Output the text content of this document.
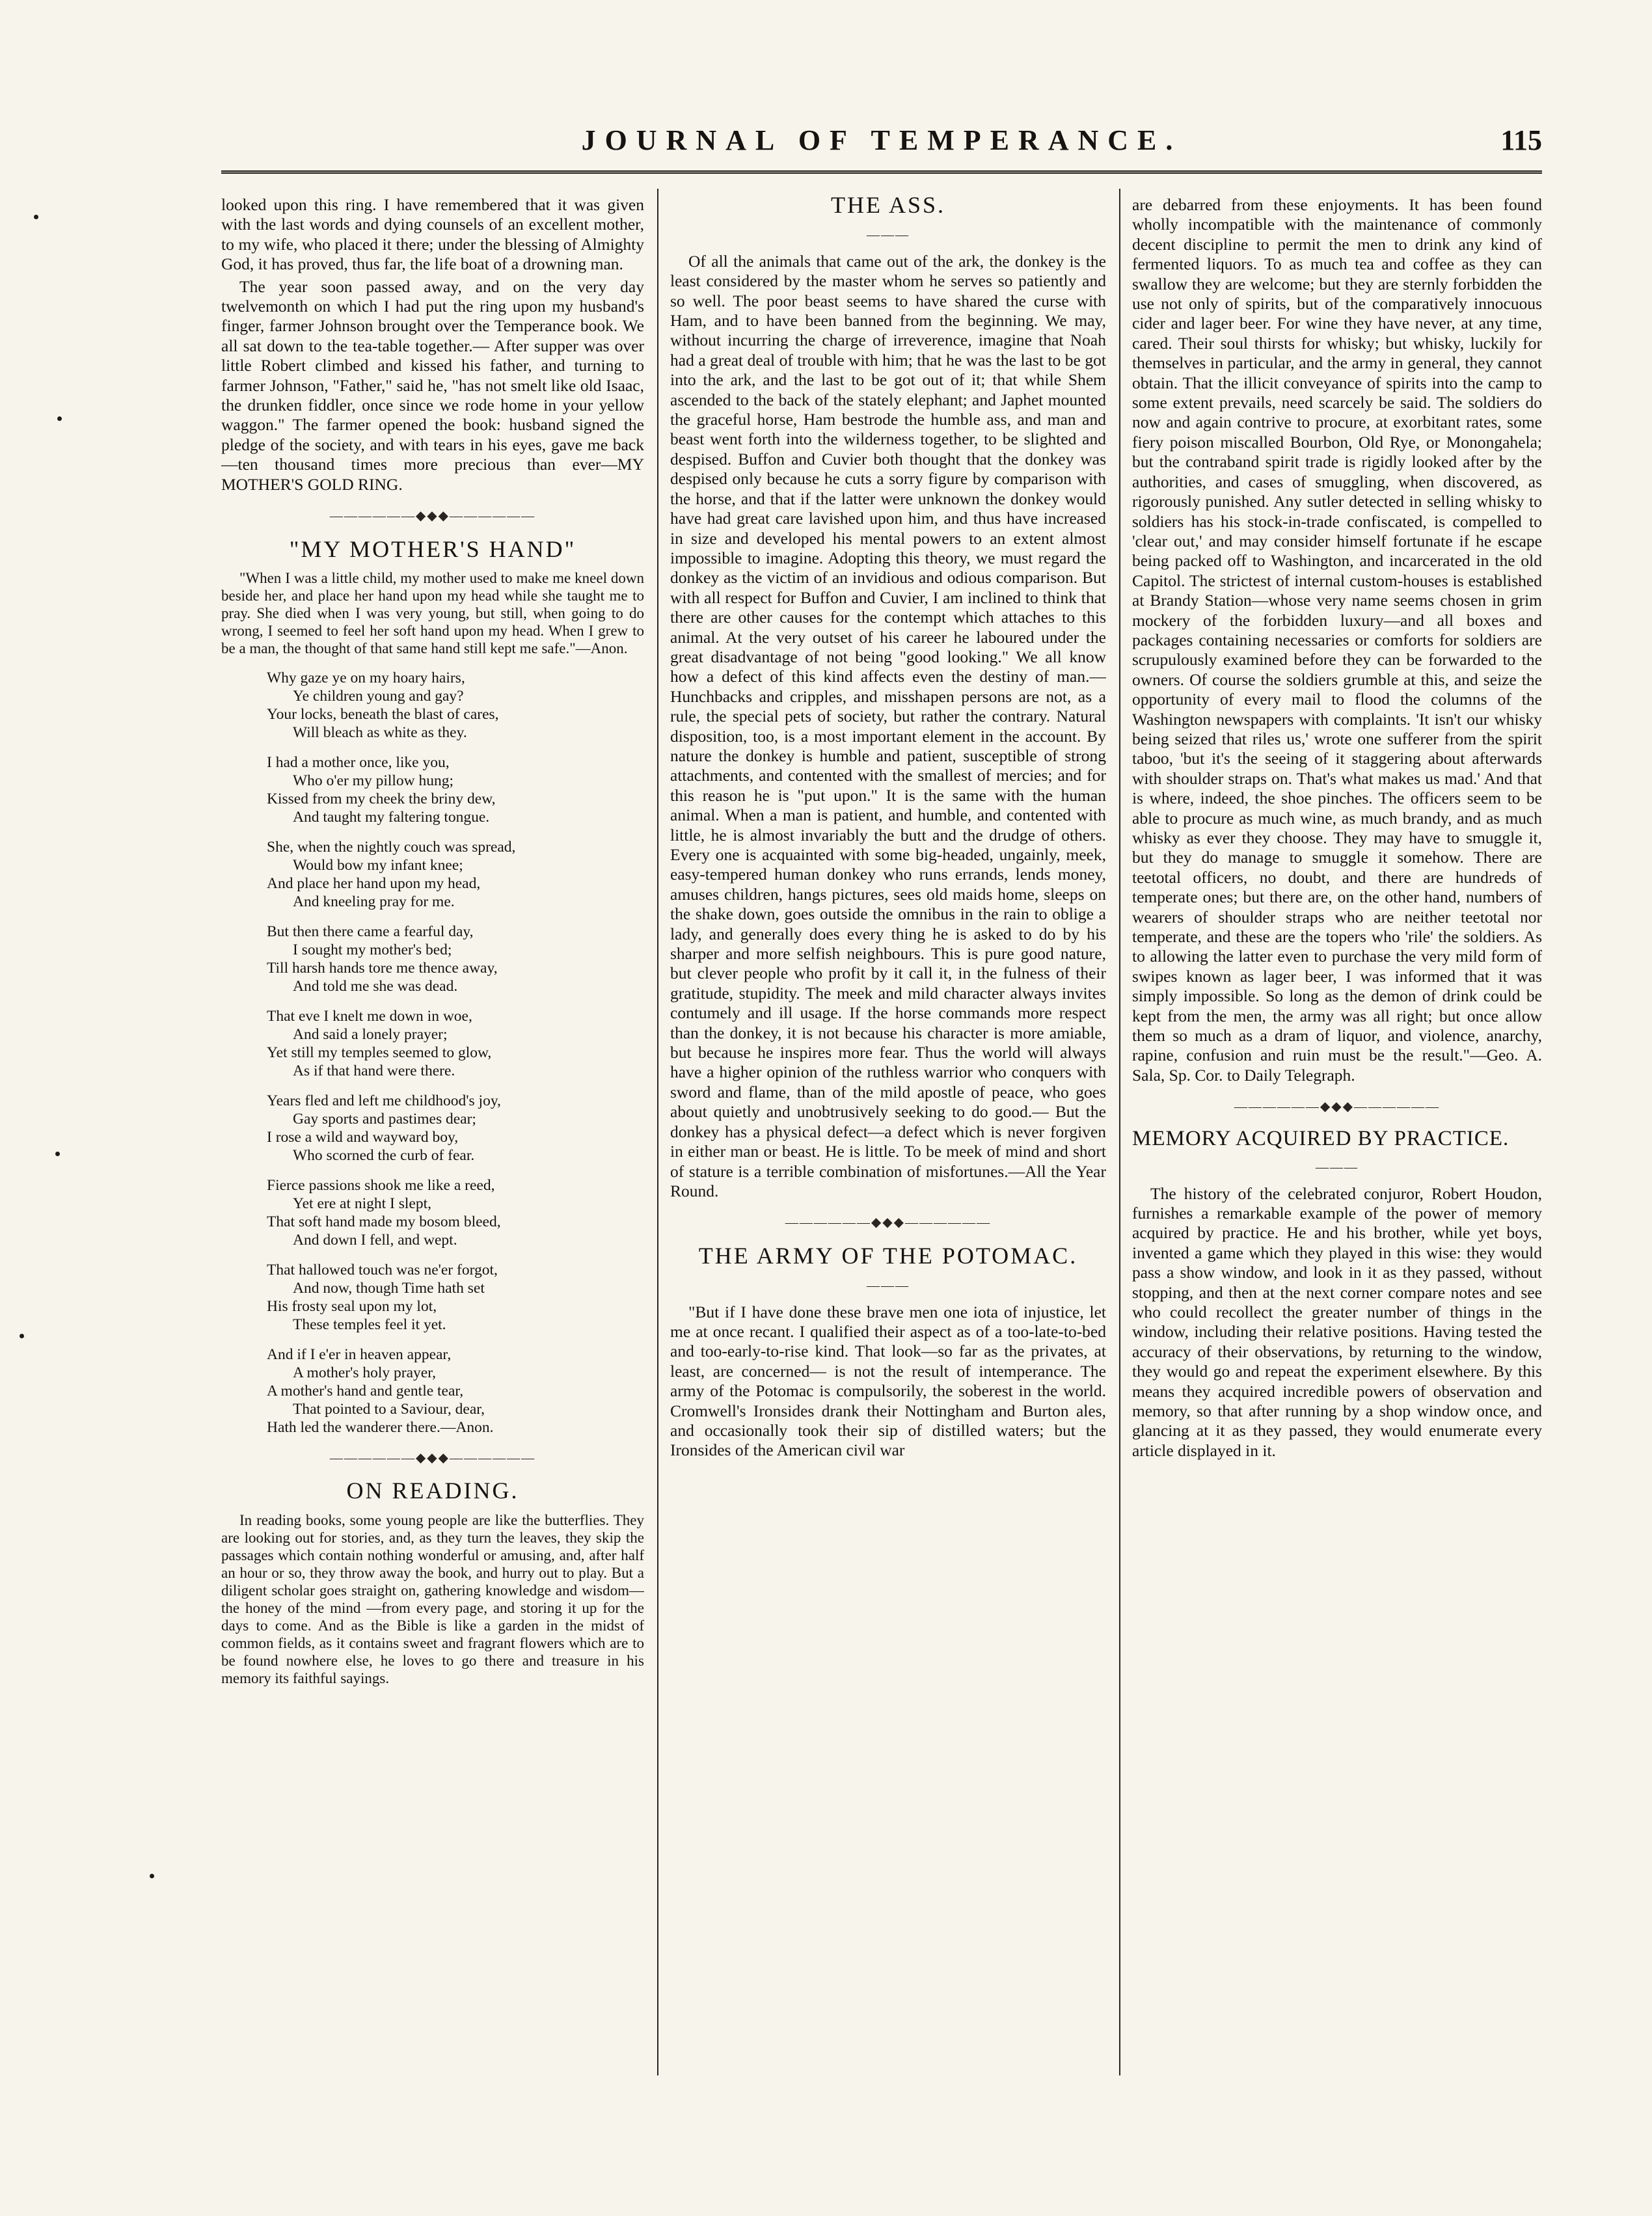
JOURNAL OF TEMPERANCE.	115

looked upon this ring. I have remembered that it was given with the last words and dying counsels of an excellent mother, to my wife, who placed it there; under the blessing of Almighty God, it has proved, thus far, the life boat of a drowning man.

The year soon passed away, and on the very day twelvemonth on which I had put the ring upon my husband's finger, farmer Johnson brought over the Temperance book. We all sat down to the tea-table together.— After supper was over little Robert climbed and kissed his father, and turning to farmer Johnson, "Father," said he, "has not smelt like old Isaac, the drunken fiddler, once since we rode home in your yellow waggon." The farmer opened the book: husband signed the pledge of the society, and with tears in his eyes, gave me back—ten thousand times more precious than ever—MY MOTHER'S GOLD RING.

——————◆◆◆——————
"MY MOTHER'S HAND"

"When I was a little child, my mother used to make me kneel down beside her, and place her hand upon my head while she taught me to pray. She died when I was very young, but still, when going to do wrong, I seemed to feel her soft hand upon my head. When I grew to be a man, the thought of that same hand still kept me safe."—Anon.

Why gaze ye on my hoary hairs,
Ye children young and gay?
Your locks, beneath the blast of cares,
Will bleach as white as they.
I had a mother once, like you,
Who o'er my pillow hung;
Kissed from my cheek the briny dew,
And taught my faltering tongue.
She, when the nightly couch was spread,
Would bow my infant knee;
And place her hand upon my head,
And kneeling pray for me.
But then there came a fearful day,
I sought my mother's bed;
Till harsh hands tore me thence away,
And told me she was dead.
That eve I knelt me down in woe,
And said a lonely prayer;
Yet still my temples seemed to glow,
As if that hand were there.
Years fled and left me childhood's joy,
Gay sports and pastimes dear;
I rose a wild and wayward boy,
Who scorned the curb of fear.
Fierce passions shook me like a reed,
Yet ere at night I slept,
That soft hand made my bosom bleed,
And down I fell, and wept.
That hallowed touch was ne'er forgot,
And now, though Time hath set
His frosty seal upon my lot,
These temples feel it yet.
And if I e'er in heaven appear,
A mother's holy prayer,
A mother's hand and gentle tear,
That pointed to a Saviour, dear,
Hath led the wanderer there.—Anon.
——————◆◆◆——————
ON READING.

In reading books, some young people are like the butterflies. They are looking out for stories, and, as they turn the leaves, they skip the passages which contain nothing wonderful or amusing, and, after half an hour or so, they throw away the book, and hurry out to play. But a diligent scholar goes straight on, gathering knowledge and wisdom—the honey of the mind —from every page, and storing it up for the days to come. And as the Bible is like a garden in the midst of common fields, as it contains sweet and fragrant flowers which are to be found nowhere else, he loves to go there and treasure in his memory its faithful sayings.

THE ASS.
———

Of all the animals that came out of the ark, the donkey is the least considered by the master whom he serves so patiently and so well. The poor beast seems to have shared the curse with Ham, and to have been banned from the beginning. We may, without incurring the charge of irreverence, imagine that Noah had a great deal of trouble with him; that he was the last to be got into the ark, and the last to be got out of it; that while Shem ascended to the back of the stately elephant; and Japhet mounted the graceful horse, Ham bestrode the humble ass, and man and beast went forth into the wilderness together, to be slighted and despised. Buffon and Cuvier both thought that the donkey was despised only because he cuts a sorry figure by comparison with the horse, and that if the latter were unknown the donkey would have had great care lavished upon him, and thus have increased in size and developed his mental powers to an extent almost impossible to imagine. Adopting this theory, we must regard the donkey as the victim of an invidious and odious comparison. But with all respect for Buffon and Cuvier, I am inclined to think that there are other causes for the contempt which attaches to this animal. At the very outset of his career he laboured under the great disadvantage of not being "good looking." We all know how a defect of this kind affects even the destiny of man.— Hunchbacks and cripples, and misshapen persons are not, as a rule, the special pets of society, but rather the contrary. Natural disposition, too, is a most important element in the account. By nature the donkey is humble and patient, susceptible of strong attachments, and contented with the smallest of mercies; and for this reason he is "put upon." It is the same with the human animal. When a man is patient, and humble, and contented with little, he is almost invariably the butt and the drudge of others. Every one is acquainted with some big-headed, ungainly, meek, easy-tempered human donkey who runs errands, lends money, amuses children, hangs pictures, sees old maids home, sleeps on the shake down, goes outside the omnibus in the rain to oblige a lady, and generally does every thing he is asked to do by his sharper and more selfish neighbours. This is pure good nature, but clever people who profit by it call it, in the fulness of their gratitude, stupidity. The meek and mild character always invites contumely and ill usage. If the horse commands more respect than the donkey, it is not because his character is more amiable, but because he inspires more fear. Thus the world will always have a higher opinion of the ruthless warrior who conquers with sword and flame, than of the mild apostle of peace, who goes about quietly and unobtrusively seeking to do good.— But the donkey has a physical defect—a defect which is never forgiven in either man or beast. He is little. To be meek of mind and short of stature is a terrible combination of misfortunes.—All the Year Round.

——————◆◆◆——————
THE ARMY OF THE POTOMAC.
———

"But if I have done these brave men one iota of injustice, let me at once recant. I qualified their aspect as of a too-late-to-bed and too-early-to-rise kind. That look—so far as the privates, at least, are concerned— is not the result of intemperance. The army of the Potomac is compulsorily, the soberest in the world. Cromwell's Ironsides drank their Nottingham and Burton ales, and occasionally took their sip of distilled waters; but the Ironsides of the American civil war

are debarred from these enjoyments. It has been found wholly incompatible with the maintenance of commonly decent discipline to permit the men to drink any kind of fermented liquors. To as much tea and coffee as they can swallow they are welcome; but they are sternly forbidden the use not only of spirits, but of the comparatively innocuous cider and lager beer. For wine they have never, at any time, cared. Their soul thirsts for whisky; but whisky, luckily for themselves in particular, and the army in general, they cannot obtain. That the illicit conveyance of spirits into the camp to some extent prevails, need scarcely be said. The soldiers do now and again contrive to procure, at exorbitant rates, some fiery poison miscalled Bourbon, Old Rye, or Monongahela; but the contraband spirit trade is rigidly looked after by the authorities, and cases of smuggling, when discovered, as rigorously punished. Any sutler detected in selling whisky to soldiers has his stock-in-trade confiscated, is compelled to 'clear out,' and may consider himself fortunate if he escape being packed off to Washington, and incarcerated in the old Capitol. The strictest of internal custom-houses is established at Brandy Station—whose very name seems chosen in grim mockery of the forbidden luxury—and all boxes and packages containing necessaries or comforts for soldiers are scrupulously examined before they can be forwarded to the owners. Of course the soldiers grumble at this, and seize the opportunity of every mail to flood the columns of the Washington newspapers with complaints. 'It isn't our whisky being seized that riles us,' wrote one sufferer from the spirit taboo, 'but it's the seeing of it staggering about afterwards with shoulder straps on. That's what makes us mad.' And that is where, indeed, the shoe pinches. The officers seem to be able to procure as much wine, as much brandy, and as much whisky as ever they choose. They may have to smuggle it, but they do manage to smuggle it somehow. There are teetotal officers, no doubt, and there are hundreds of temperate ones; but there are, on the other hand, numbers of wearers of shoulder straps who are neither teetotal nor temperate, and these are the topers who 'rile' the soldiers. As to allowing the latter even to purchase the very mild form of swipes known as lager beer, I was informed that it was simply impossible. So long as the demon of drink could be kept from the men, the army was all right; but once allow them so much as a dram of liquor, and violence, anarchy, rapine, confusion and ruin must be the result."—Geo. A. Sala, Sp. Cor. to Daily Telegraph.

——————◆◆◆——————
MEMORY ACQUIRED BY PRACTICE.
———

The history of the celebrated conjuror, Robert Houdon, furnishes a remarkable example of the power of memory acquired by practice. He and his brother, while yet boys, invented a game which they played in this wise: they would pass a show window, and look in it as they passed, without stopping, and then at the next corner compare notes and see who could recollect the greater number of things in the window, including their relative positions. Having tested the accuracy of their observations, by returning to the window, they would go and repeat the experiment elsewhere. By this means they acquired incredible powers of observation and memory, so that after running by a shop window once, and glancing at it as they passed, they would enumerate every article displayed in it.
